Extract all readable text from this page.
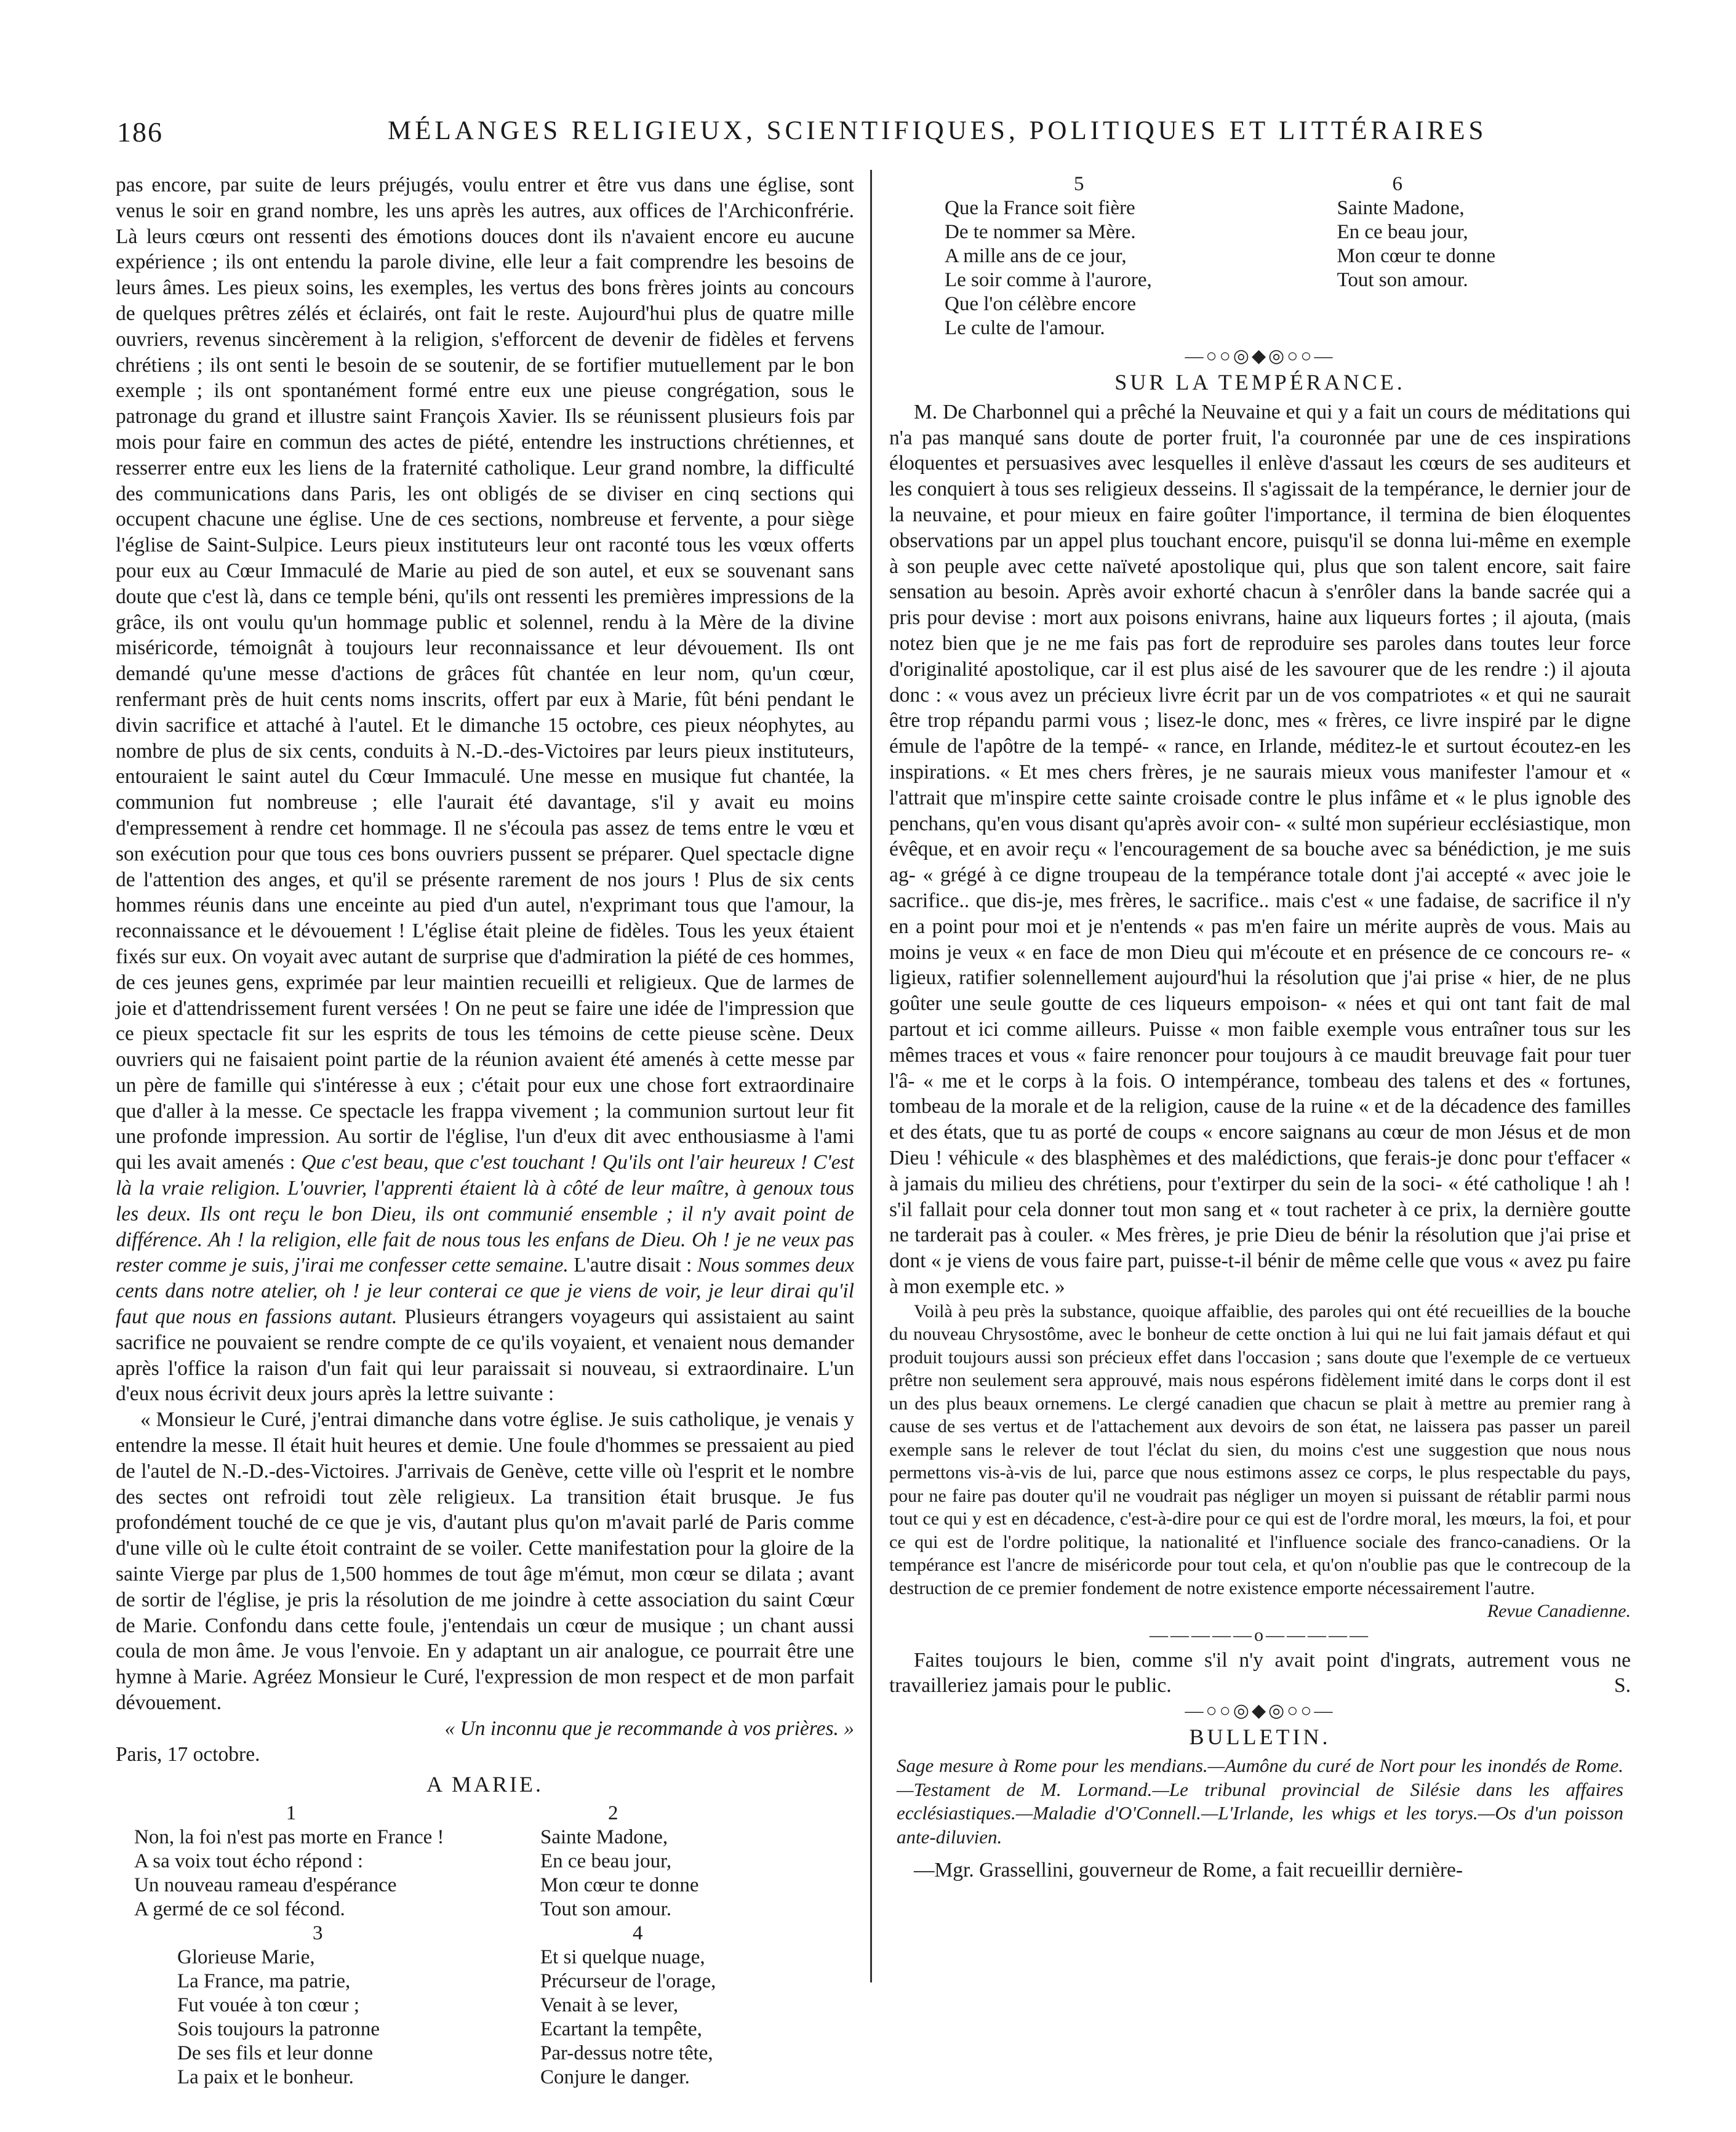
186	MÉLANGES RELIGIEUX, SCIENTIFIQUES, POLITIQUES ET LITTÉRAIRES

pas encore, par suite de leurs préjugés, voulu entrer et être vus dans une église, sont venus le soir en grand nombre, les uns après les autres, aux offices de l'Archiconfrérie. Là leurs cœurs ont ressenti des émotions douces dont ils n'avaient encore eu aucune expérience ; ils ont entendu la parole divine, elle leur a fait comprendre les besoins de leurs âmes. Les pieux soins, les exemples, les vertus des bons frères joints au concours de quelques prêtres zélés et éclairés, ont fait le reste. Aujourd'hui plus de quatre mille ouvriers, revenus sincèrement à la religion, s'efforcent de devenir de fidèles et fervens chrétiens ; ils ont senti le besoin de se soutenir, de se fortifier mutuellement par le bon exemple ; ils ont spontanément formé entre eux une pieuse congrégation, sous le patronage du grand et illustre saint François Xavier. Ils se réunissent plusieurs fois par mois pour faire en commun des actes de piété, entendre les instructions chrétiennes, et resserrer entre eux les liens de la fraternité catholique. Leur grand nombre, la difficulté des communications dans Paris, les ont obligés de se diviser en cinq sections qui occupent chacune une église. Une de ces sections, nombreuse et fervente, a pour siège l'église de Saint-Sulpice. Leurs pieux instituteurs leur ont raconté tous les vœux offerts pour eux au Cœur Immaculé de Marie au pied de son autel, et eux se souvenant sans doute que c'est là, dans ce temple béni, qu'ils ont ressenti les premières impressions de la grâce, ils ont voulu qu'un hommage public et solennel, rendu à la Mère de la divine miséricorde, témoignât à toujours leur reconnaissance et leur dévouement. Ils ont demandé qu'une messe d'actions de grâces fût chantée en leur nom, qu'un cœur, renfermant près de huit cents noms inscrits, offert par eux à Marie, fût béni pendant le divin sacrifice et attaché à l'autel. Et le dimanche 15 octobre, ces pieux néophytes, au nombre de plus de six cents, conduits à N.-D.-des-Victoires par leurs pieux instituteurs, entouraient le saint autel du Cœur Immaculé. Une messe en musique fut chantée, la communion fut nombreuse ; elle l'aurait été davantage, s'il y avait eu moins d'empressement à rendre cet hommage. Il ne s'écoula pas assez de tems entre le vœu et son exécution pour que tous ces bons ouvriers pussent se préparer. Quel spectacle digne de l'attention des anges, et qu'il se présente rarement de nos jours ! Plus de six cents hommes réunis dans une enceinte au pied d'un autel, n'exprimant tous que l'amour, la reconnaissance et le dévouement ! L'église était pleine de fidèles. Tous les yeux étaient fixés sur eux. On voyait avec autant de surprise que d'admiration la piété de ces hommes, de ces jeunes gens, exprimée par leur maintien recueilli et religieux. Que de larmes de joie et d'attendrissement furent versées ! On ne peut se faire une idée de l'impression que ce pieux spectacle fit sur les esprits de tous les témoins de cette pieuse scène. Deux ouvriers qui ne faisaient point partie de la réunion avaient été amenés à cette messe par un père de famille qui s'intéresse à eux ; c'était pour eux une chose fort extraordinaire que d'aller à la messe. Ce spectacle les frappa vivement ; la communion surtout leur fit une profonde impression. Au sortir de l'église, l'un d'eux dit avec enthousiasme à l'ami qui les avait amenés : Que c'est beau, que c'est touchant ! Qu'ils ont l'air heureux ! C'est là la vraie religion. L'ouvrier, l'apprenti étaient là à côté de leur maître, à genoux tous les deux. Ils ont reçu le bon Dieu, ils ont communié ensemble ; il n'y avait point de différence. Ah ! la religion, elle fait de nous tous les enfans de Dieu. Oh ! je ne veux pas rester comme je suis, j'irai me confesser cette semaine. L'autre disait : Nous sommes deux cents dans notre atelier, oh ! je leur conterai ce que je viens de voir, je leur dirai qu'il faut que nous en fassions autant. Plusieurs étrangers voyageurs qui assistaient au saint sacrifice ne pouvaient se rendre compte de ce qu'ils voyaient, et venaient nous demander après l'office la raison d'un fait qui leur paraissait si nouveau, si extraordinaire. L'un d'eux nous écrivit deux jours après la lettre suivante :

« Monsieur le Curé, j'entrai dimanche dans votre église. Je suis catholique, je venais y entendre la messe. Il était huit heures et demie. Une foule d'hommes se pressaient au pied de l'autel de N.-D.-des-Victoires. J'arrivais de Genève, cette ville où l'esprit et le nombre des sectes ont refroidi tout zèle religieux. La transition était brusque. Je fus profondément touché de ce que je vis, d'autant plus qu'on m'avait parlé de Paris comme d'une ville où le culte étoit contraint de se voiler. Cette manifestation pour la gloire de la sainte Vierge par plus de 1,500 hommes de tout âge m'émut, mon cœur se dilata ; avant de sortir de l'église, je pris la résolution de me joindre à cette association du saint Cœur de Marie. Confondu dans cette foule, j'entendais un cœur de musique ; un chant aussi coula de mon âme. Je vous l'envoie. En y adaptant un air analogue, ce pourrait être une hymne à Marie. Agréez Monsieur le Curé, l'expression de mon respect et de mon parfait dévouement.

« Un inconnu que je recommande à vos prières. »

Paris, 17 octobre.

A MARIE.
1
Non, la foi n'est pas morte en France !
A sa voix tout écho répond :
Un nouveau rameau d'espérance
A germé de ce sol fécond.
2
Sainte Madone,
En ce beau jour,
Mon cœur te donne
Tout son amour.
3
Glorieuse Marie,
La France, ma patrie,
Fut vouée à ton cœur ;
Sois toujours la patronne
De ses fils et leur donne
La paix et le bonheur.
4
Et si quelque nuage,
Précurseur de l'orage,
Venait à se lever,
Ecartant la tempête,
Par-dessus notre tête,
Conjure le danger.
5
Que la France soit fière
De te nommer sa Mère.
A mille ans de ce jour,
Le soir comme à l'aurore,
Que l'on célèbre encore
Le culte de l'amour.
6
Sainte Madone,
En ce beau jour,
Mon cœur te donne
Tout son amour.
—○○◎◆◎○○—
SUR LA TEMPÉRANCE.

M. De Charbonnel qui a prêché la Neuvaine et qui y a fait un cours de méditations qui n'a pas manqué sans doute de porter fruit, l'a couronnée par une de ces inspirations éloquentes et persuasives avec lesquelles il enlève d'assaut les cœurs de ses auditeurs et les conquiert à tous ses religieux desseins. Il s'agissait de la tempérance, le dernier jour de la neuvaine, et pour mieux en faire goûter l'importance, il termina de bien éloquentes observations par un appel plus touchant encore, puisqu'il se donna lui-même en exemple à son peuple avec cette naïveté apostolique qui, plus que son talent encore, sait faire sensation au besoin. Après avoir exhorté chacun à s'enrôler dans la bande sacrée qui a pris pour devise : mort aux poisons enivrans, haine aux liqueurs fortes ; il ajouta, (mais notez bien que je ne me fais pas fort de reproduire ses paroles dans toutes leur force d'originalité apostolique, car il est plus aisé de les savourer que de les rendre :) il ajouta donc : « vous avez un précieux livre écrit par un de vos compatriotes « et qui ne saurait être trop répandu parmi vous ; lisez-le donc, mes « frères, ce livre inspiré par le digne émule de l'apôtre de la tempé- « rance, en Irlande, méditez-le et surtout écoutez-en les inspirations. « Et mes chers frères, je ne saurais mieux vous manifester l'amour et « l'attrait que m'inspire cette sainte croisade contre le plus infâme et « le plus ignoble des penchans, qu'en vous disant qu'après avoir con- « sulté mon supérieur ecclésiastique, mon évêque, et en avoir reçu « l'encouragement de sa bouche avec sa bénédiction, je me suis ag- « grégé à ce digne troupeau de la tempérance totale dont j'ai accepté « avec joie le sacrifice.. que dis-je, mes frères, le sacrifice.. mais c'est « une fadaise, de sacrifice il n'y en a point pour moi et je n'entends « pas m'en faire un mérite auprès de vous. Mais au moins je veux « en face de mon Dieu qui m'écoute et en présence de ce concours re- « ligieux, ratifier solennellement aujourd'hui la résolution que j'ai prise « hier, de ne plus goûter une seule goutte de ces liqueurs empoison- « nées et qui ont tant fait de mal partout et ici comme ailleurs. Puisse « mon faible exemple vous entraîner tous sur les mêmes traces et vous « faire renoncer pour toujours à ce maudit breuvage fait pour tuer l'â- « me et le corps à la fois. O intempérance, tombeau des talens et des « fortunes, tombeau de la morale et de la religion, cause de la ruine « et de la décadence des familles et des états, que tu as porté de coups « encore saignans au cœur de mon Jésus et de mon Dieu ! véhicule « des blasphèmes et des malédictions, que ferais-je donc pour t'effacer « à jamais du milieu des chrétiens, pour t'extirper du sein de la soci- « été catholique ! ah ! s'il fallait pour cela donner tout mon sang et « tout racheter à ce prix, la dernière goutte ne tarderait pas à couler. « Mes frères, je prie Dieu de bénir la résolution que j'ai prise et dont « je viens de vous faire part, puisse-t-il bénir de même celle que vous « avez pu faire à mon exemple etc. »

Voilà à peu près la substance, quoique affaiblie, des paroles qui ont été recueillies de la bouche du nouveau Chrysostôme, avec le bonheur de cette onction à lui qui ne lui fait jamais défaut et qui produit toujours aussi son précieux effet dans l'occasion ; sans doute que l'exemple de ce vertueux prêtre non seulement sera approuvé, mais nous espérons fidèlement imité dans le corps dont il est un des plus beaux ornemens. Le clergé canadien que chacun se plait à mettre au premier rang à cause de ses vertus et de l'attachement aux devoirs de son état, ne laissera pas passer un pareil exemple sans le relever de tout l'éclat du sien, du moins c'est une suggestion que nous nous permettons vis-à-vis de lui, parce que nous estimons assez ce corps, le plus respectable du pays, pour ne faire pas douter qu'il ne voudrait pas négliger un moyen si puissant de rétablir parmi nous tout ce qui y est en décadence, c'est-à-dire pour ce qui est de l'ordre moral, les mœurs, la foi, et pour ce qui est de l'ordre politique, la nationalité et l'influence sociale des franco-canadiens. Or la tempérance est l'ancre de miséricorde pour tout cela, et qu'on n'oublie pas que le contrecoup de la destruction de ce premier fondement de notre existence emporte nécessairement l'autre.

Revue Canadienne.

—————o—————

Faites toujours le bien, comme s'il n'y avait point d'ingrats, autrement vous ne travailleriez jamais pour le public.	S.

—○○◎◆◎○○—
BULLETIN.

Sage mesure à Rome pour les mendians.—Aumône du curé de Nort pour les inondés de Rome.—Testament de M. Lormand.—Le tribunal provincial de Silésie dans les affaires ecclésiastiques.—Maladie d'O'Connell.—L'Irlande, les whigs et les torys.—Os d'un poisson ante-diluvien.

—Mgr. Grassellini, gouverneur de Rome, a fait recueillir dernière-
